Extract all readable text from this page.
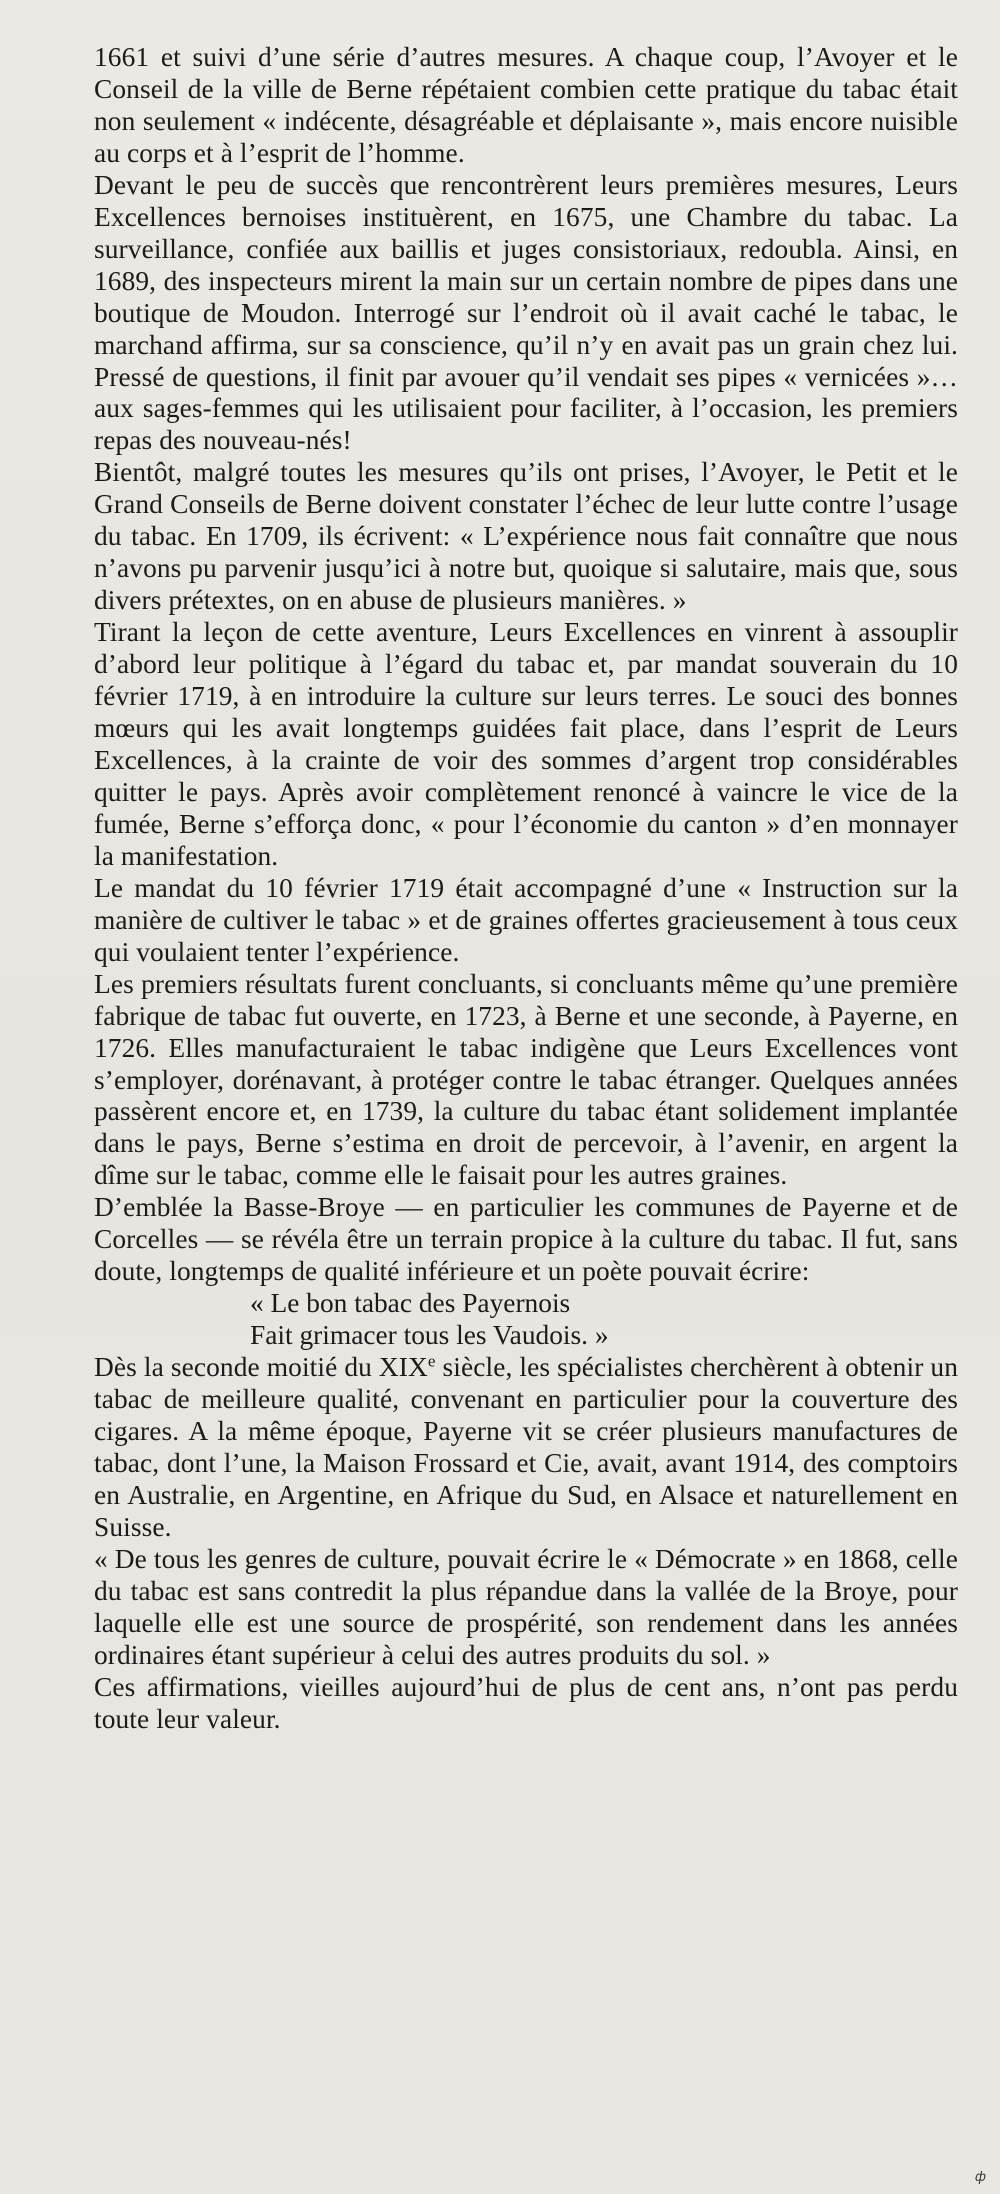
1661 et suivi d’une série d’autres mesures. A chaque coup, l’Avoyer et le Conseil de la ville de Berne répétaient combien cette pratique du tabac était non seulement « indécente, désagréable et déplaisante », mais encore nuisible au corps et à l’esprit de l’homme.

Devant le peu de succès que rencontrèrent leurs premières mesures, Leurs Excellences bernoises instituèrent, en 1675, une Chambre du tabac. La surveillance, confiée aux baillis et juges consistoriaux, redoubla. Ainsi, en 1689, des inspecteurs mirent la main sur un certain nombre de pipes dans une boutique de Moudon. Interrogé sur l’endroit où il avait caché le tabac, le marchand affirma, sur sa conscience, qu’il n’y en avait pas un grain chez lui. Pressé de questions, il finit par avouer qu’il vendait ses pipes « vernicées »… aux sages-femmes qui les utilisaient pour faciliter, à l’occasion, les premiers repas des nouveau-nés!

Bientôt, malgré toutes les mesures qu’ils ont prises, l’Avoyer, le Petit et le Grand Conseils de Berne doivent constater l’échec de leur lutte contre l’usage du tabac. En 1709, ils écrivent: « L’expérience nous fait connaître que nous n’avons pu parvenir jusqu’ici à notre but, quoique si salutaire, mais que, sous divers prétextes, on en abuse de plusieurs manières. »

Tirant la leçon de cette aventure, Leurs Excellences en vinrent à assouplir d’abord leur politique à l’égard du tabac et, par mandat souverain du 10 février 1719, à en introduire la culture sur leurs terres. Le souci des bonnes mœurs qui les avait longtemps guidées fait place, dans l’esprit de Leurs Excellences, à la crainte de voir des sommes d’argent trop considérables quitter le pays. Après avoir complètement renoncé à vaincre le vice de la fumée, Berne s’efforça donc, « pour l’économie du canton » d’en monnayer la manifestation.

Le mandat du 10 février 1719 était accompagné d’une « Instruction sur la manière de cultiver le tabac » et de graines offertes gracieusement à tous ceux qui voulaient tenter l’expérience.

Les premiers résultats furent concluants, si concluants même qu’une première fabrique de tabac fut ouverte, en 1723, à Berne et une seconde, à Payerne, en 1726. Elles manufacturaient le tabac indigène que Leurs Excellences vont s’employer, dorénavant, à protéger contre le tabac étranger. Quelques années passèrent encore et, en 1739, la culture du tabac étant solidement implantée dans le pays, Berne s’estima en droit de percevoir, à l’avenir, en argent la dîme sur le tabac, comme elle le faisait pour les autres graines.

D’emblée la Basse-Broye — en particulier les communes de Payerne et de Corcelles — se révéla être un terrain propice à la culture du tabac. Il fut, sans doute, longtemps de qualité inférieure et un poète pouvait écrire:

« Le bon tabac des Payernois
Fait grimacer tous les Vaudois. »

Dès la seconde moitié du XIXe siècle, les spécialistes cherchèrent à obtenir un tabac de meilleure qualité, convenant en particulier pour la couverture des cigares. A la même époque, Payerne vit se créer plusieurs manufactures de tabac, dont l’une, la Maison Frossard et Cie, avait, avant 1914, des comptoirs en Australie, en Argentine, en Afrique du Sud, en Alsace et naturellement en Suisse.

« De tous les genres de culture, pouvait écrire le « Démocrate » en 1868, celle du tabac est sans contredit la plus répandue dans la vallée de la Broye, pour laquelle elle est une source de prospérité, son rendement dans les années ordinaires étant supérieur à celui des autres produits du sol. »

Ces affirmations, vieilles aujourd’hui de plus de cent ans, n’ont pas perdu toute leur valeur.

ф
